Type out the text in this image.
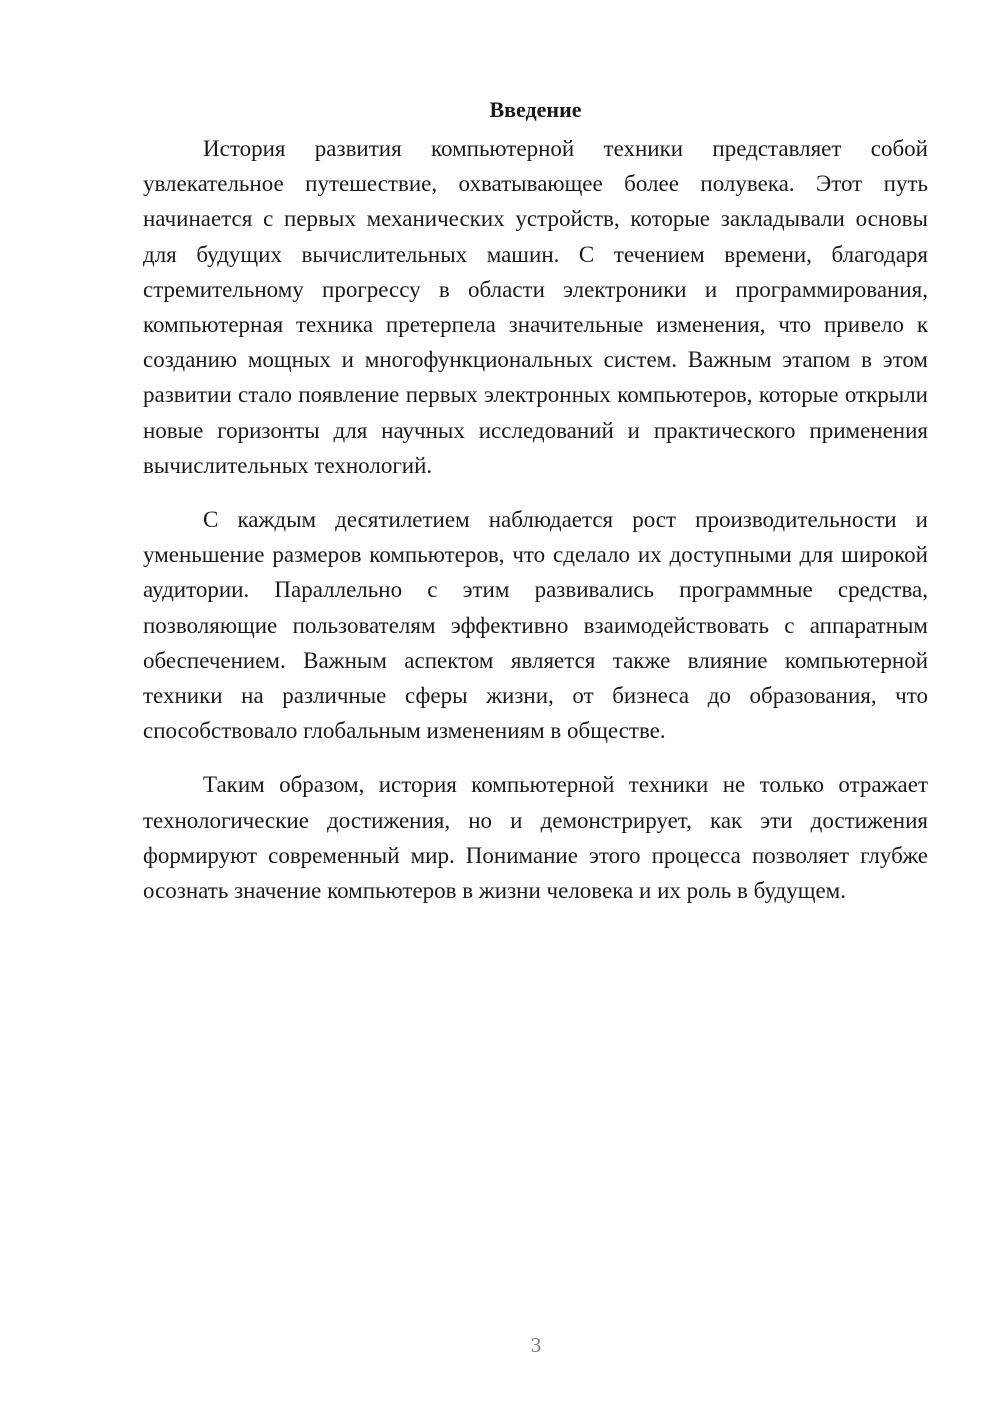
Введение

История развития компьютерной техники представляет собой увлекательное путешествие, охватывающее более полувека. Этот путь начинается с первых механических устройств, которые закладывали основы для будущих вычислительных машин. С течением времени, благодаря стремительному прогрессу в области электроники и программирования, компьютерная техника претерпела значительные изменения, что привело к созданию мощных и многофункциональных систем. Важным этапом в этом развитии стало появление первых электронных компьютеров, которые открыли новые горизонты для научных исследований и практического применения вычислительных технологий.

С каждым десятилетием наблюдается рост производительности и уменьшение размеров компьютеров, что сделало их доступными для широкой аудитории. Параллельно с этим развивались программные средства, позволяющие пользователям эффективно взаимодействовать с аппаратным обеспечением. Важным аспектом является также влияние компьютерной техники на различные сферы жизни, от бизнеса до образования, что способствовало глобальным изменениям в обществе.

Таким образом, история компьютерной техники не только отражает технологические достижения, но и демонстрирует, как эти достижения формируют современный мир. Понимание этого процесса позволяет глубже осознать значение компьютеров в жизни человека и их роль в будущем.

3
